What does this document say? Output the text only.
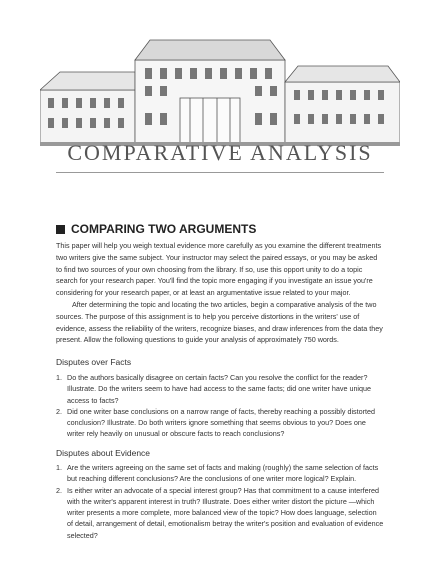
COMPARATIVE ANALYSIS
COMPARING TWO ARGUMENTS

This paper will help you weigh textual evidence more carefully as you examine the different treatments two writers give the same subject. Your instructor may select the paired essays, or you may be asked to find two sources of your own choosing from the library. If so, use this opport unity to do a topic search for your research paper. You'll find the topic more engaging if you investigate an issue you're considering for your research paper, or at least an argumentative issue related to your major.

After determining the topic and locating the two articles, begin a comparative analysis of the two sources. The purpose of this assignment is to help you perceive distortions in the writers' use of evidence, assess the reliability of the writers, recognize biases, and draw inferences from the data they present. Allow the following questions to guide your analysis of approximately 750 words.

Disputes over Facts
1. Do the authors basically disagree on certain facts? Can you resolve the conflict for the reader? Illustrate. Do the writers seem to have had access to the same facts; did one writer have unique access to facts?
2. Did one writer base conclusions on a narrow range of facts, thereby reaching a possibly distorted conclusion? Illustrate. Do both writers ignore something that seems obvious to you? Does one writer rely heavily on unusual or obscure facts to reach conclusions?
Disputes about Evidence
1. Are the writers agreeing on the same set of facts and making (roughly) the same selection of facts but reaching different conclusions? Are the conclusions of one writer more logical? Explain.
2. Is either writer an advocate of a special interest group? Has that commitment to a cause interfered with the writer's apparent interest in truth? Illustrate. Does either writer distort the picture —which writer presents a more complete, more balanced view of the topic? How does language, selection of detail, arrangement of detail, emotionalism betray the writer's position and evaluation of evidence selected?
